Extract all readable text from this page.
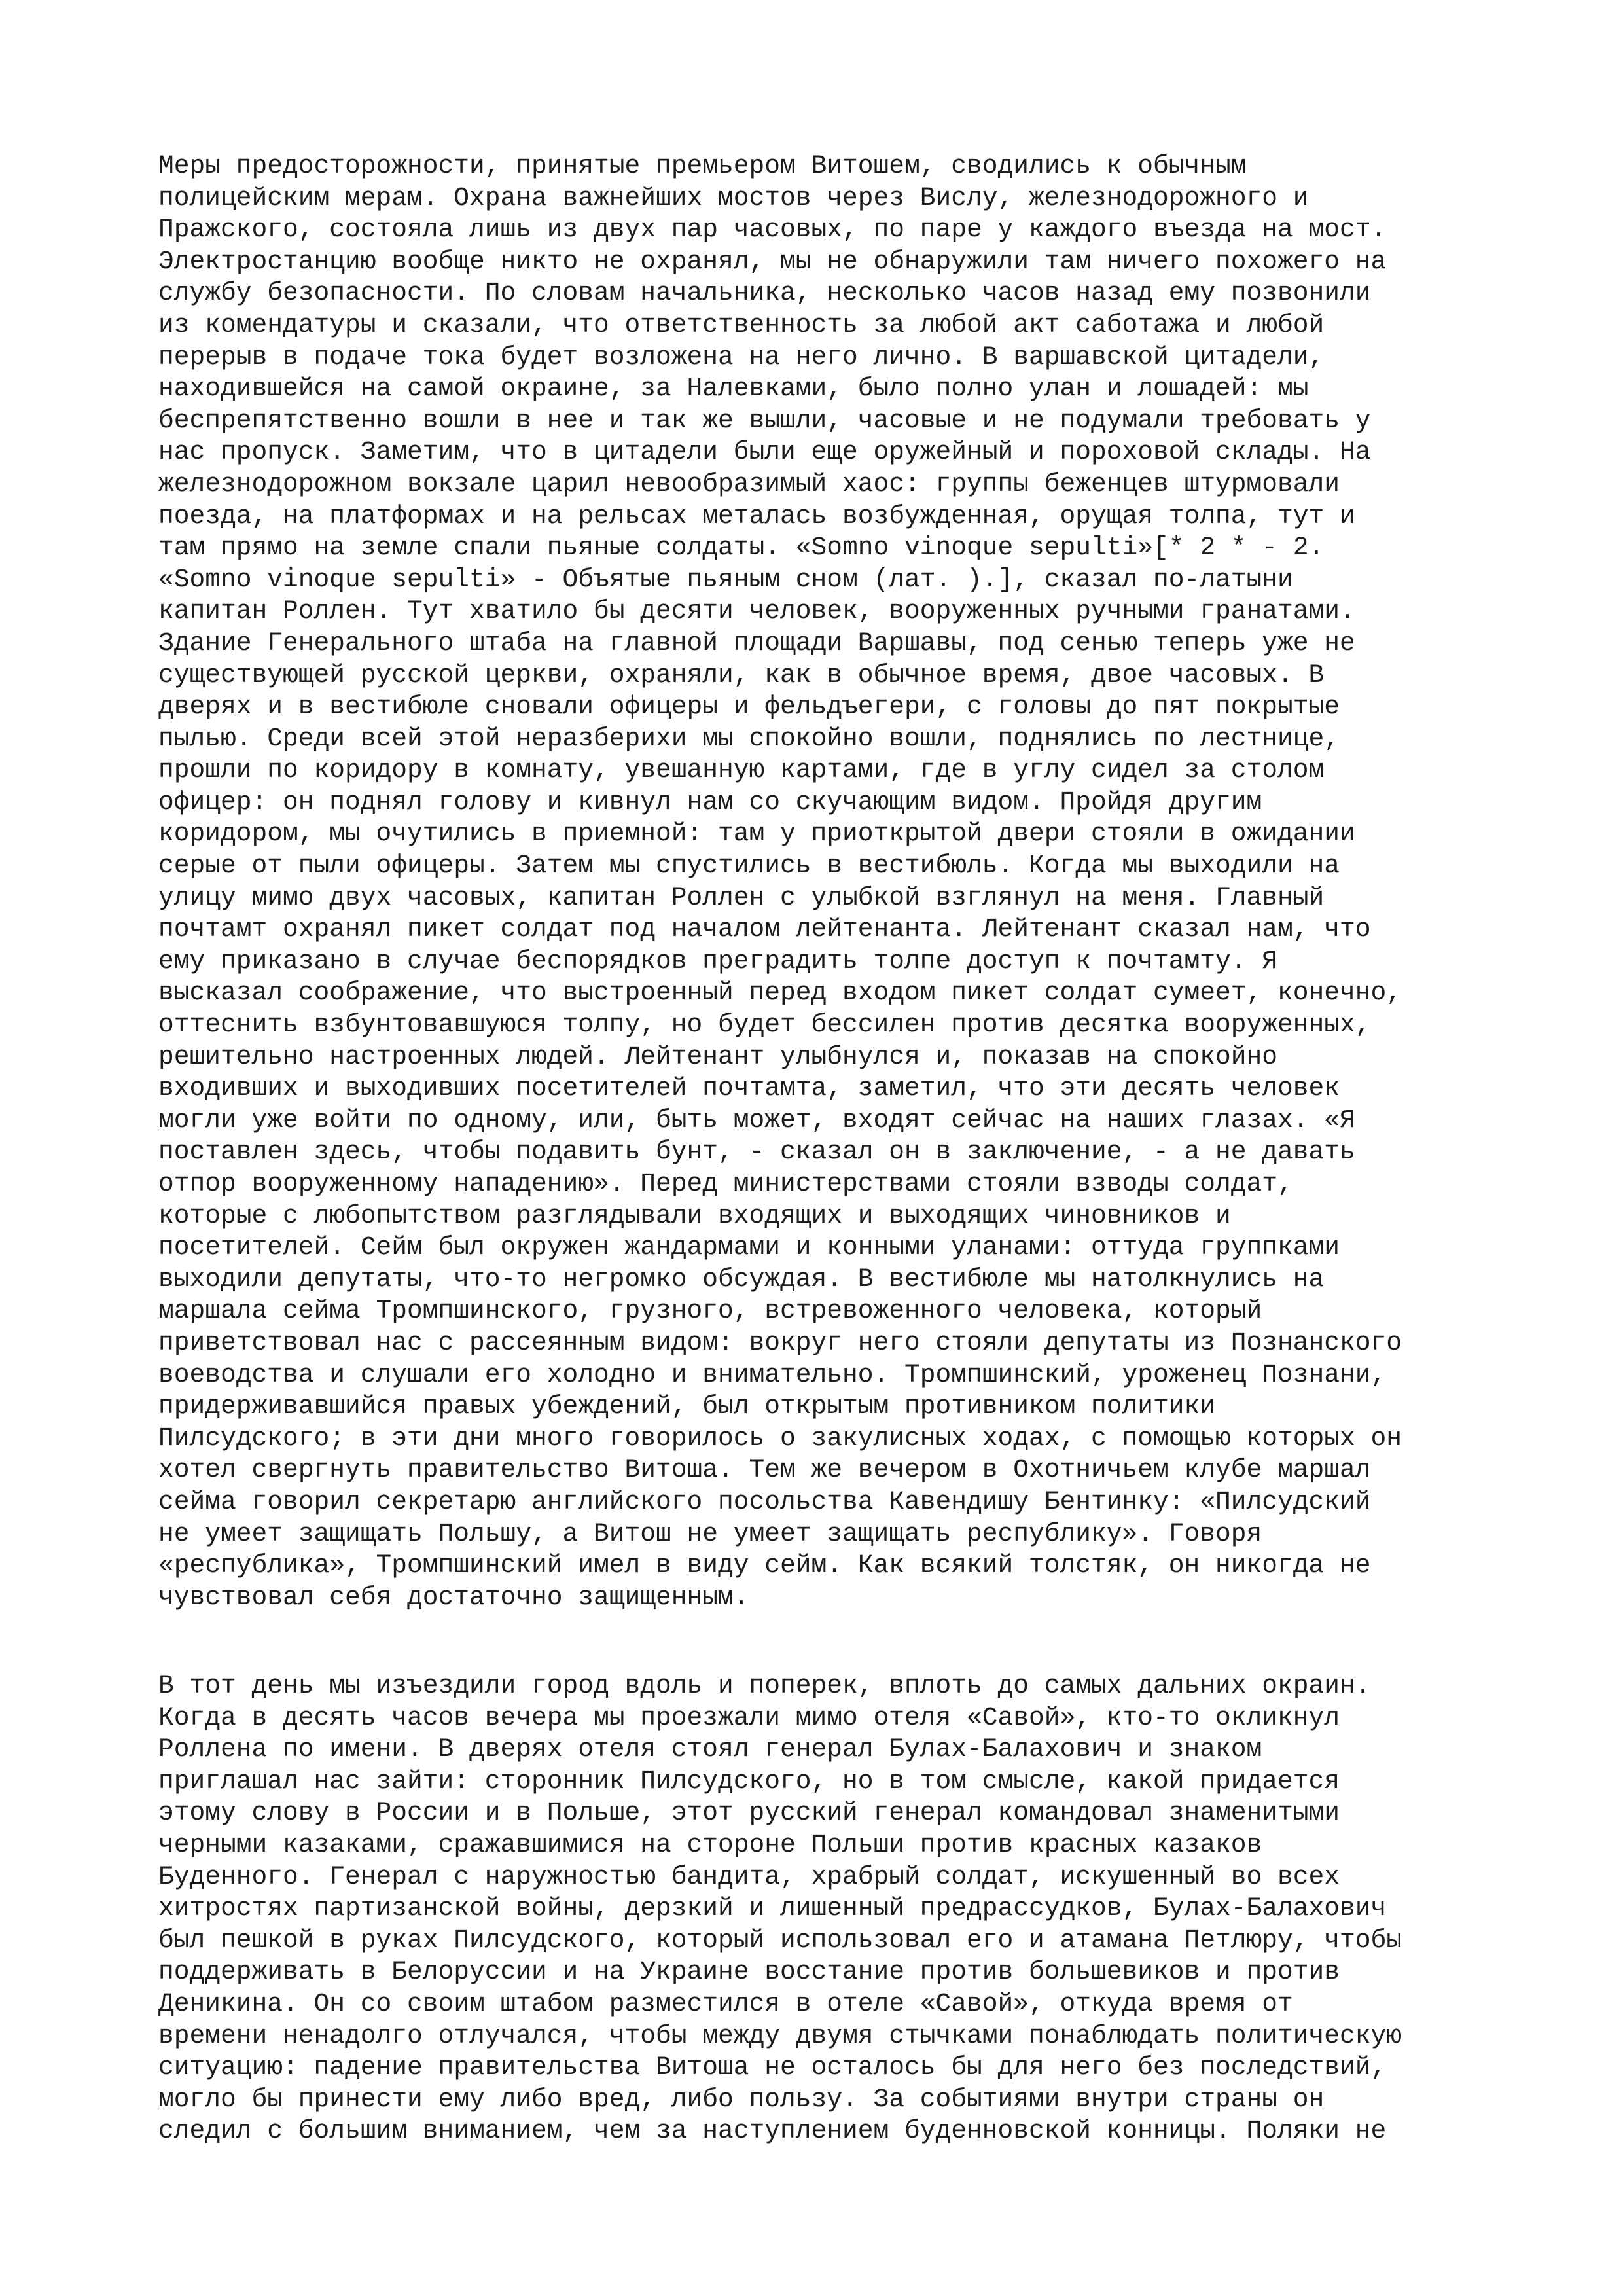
Меры предосторожности, принятые премьером Витошем, сводились к обычным
полицейским мерам. Охрана важнейших мостов через Вислу, железнодорожного и
Пражского, состояла лишь из двух пар часовых, по паре у каждого въезда на мост.
Электростанцию вообще никто не охранял, мы не обнаружили там ничего похожего на
службу безопасности. По словам начальника, несколько часов назад ему позвонили
из комендатуры и сказали, что ответственность за любой акт саботажа и любой
перерыв в подаче тока будет возложена на него лично. В варшавской цитадели,
находившейся на самой окраине, за Налевками, было полно улан и лошадей: мы
беспрепятственно вошли в нее и так же вышли, часовые и не подумали требовать у
нас пропуск. Заметим, что в цитадели были еще оружейный и пороховой склады. На
железнодорожном вокзале царил невообразимый хаос: группы беженцев штурмовали
поезда, на платформах и на рельсах металась возбужденная, орущая толпа, тут и
там прямо на земле спали пьяные солдаты. «Somno vinoque sepulti»[* 2 * - 2.
«Somno vinoque sepulti» - Объятые пьяным сном (лат. ).], сказал по-латыни
капитан Роллен. Тут хватило бы десяти человек, вооруженных ручными гранатами.
Здание Генерального штаба на главной площади Варшавы, под сенью теперь уже не
существующей русской церкви, охраняли, как в обычное время, двое часовых. В
дверях и в вестибюле сновали офицеры и фельдъегери, с головы до пят покрытые
пылью. Среди всей этой неразберихи мы спокойно вошли, поднялись по лестнице,
прошли по коридору в комнату, увешанную картами, где в углу сидел за столом
офицер: он поднял голову и кивнул нам со скучающим видом. Пройдя другим
коридором, мы очутились в приемной: там у приоткрытой двери стояли в ожидании
серые от пыли офицеры. Затем мы спустились в вестибюль. Когда мы выходили на
улицу мимо двух часовых, капитан Роллен с улыбкой взглянул на меня. Главный
почтамт охранял пикет солдат под началом лейтенанта. Лейтенант сказал нам, что
ему приказано в случае беспорядков преградить толпе доступ к почтамту. Я
высказал соображение, что выстроенный перед входом пикет солдат сумеет, конечно,
оттеснить взбунтовавшуюся толпу, но будет бессилен против десятка вооруженных,
решительно настроенных людей. Лейтенант улыбнулся и, показав на спокойно
входивших и выходивших посетителей почтамта, заметил, что эти десять человек
могли уже войти по одному, или, быть может, входят сейчас на наших глазах. «Я
поставлен здесь, чтобы подавить бунт, - сказал он в заключение, - а не давать
отпор вооруженному нападению». Перед министерствами стояли взводы солдат,
которые с любопытством разглядывали входящих и выходящих чиновников и
посетителей. Сейм был окружен жандармами и конными уланами: оттуда группками
выходили депутаты, что-то негромко обсуждая. В вестибюле мы натолкнулись на
маршала сейма Тромпшинского, грузного, встревоженного человека, который
приветствовал нас с рассеянным видом: вокруг него стояли депутаты из Познанского
воеводства и слушали его холодно и внимательно. Тромпшинский, уроженец Познани,
придерживавшийся правых убеждений, был открытым противником политики
Пилсудского; в эти дни много говорилось о закулисных ходах, с помощью которых он
хотел свергнуть правительство Витоша. Тем же вечером в Охотничьем клубе маршал
сейма говорил секретарю английского посольства Кавендишу Бентинку: «Пилсудский
не умеет защищать Польшу, а Витош не умеет защищать республику». Говоря
«республика», Тромпшинский имел в виду сейм. Как всякий толстяк, он никогда не
чувствовал себя достаточно защищенным.
В тот день мы изъездили город вдоль и поперек, вплоть до самых дальних окраин.
Когда в десять часов вечера мы проезжали мимо отеля «Савой», кто-то окликнул
Роллена по имени. В дверях отеля стоял генерал Булах-Балахович и знаком
приглашал нас зайти: сторонник Пилсудского, но в том смысле, какой придается
этому слову в России и в Польше, этот русский генерал командовал знаменитыми
черными казаками, сражавшимися на стороне Польши против красных казаков
Буденного. Генерал с наружностью бандита, храбрый солдат, искушенный во всех
хитростях партизанской войны, дерзкий и лишенный предрассудков, Булах-Балахович
был пешкой в руках Пилсудского, который использовал его и атамана Петлюру, чтобы
поддерживать в Белоруссии и на Украине восстание против большевиков и против
Деникина. Он со своим штабом разместился в отеле «Савой», откуда время от
времени ненадолго отлучался, чтобы между двумя стычками понаблюдать политическую
ситуацию: падение правительства Витоша не осталось бы для него без последствий,
могло бы принести ему либо вред, либо пользу. За событиями внутри страны он
следил с большим вниманием, чем за наступлением буденновской конницы. Поляки не
